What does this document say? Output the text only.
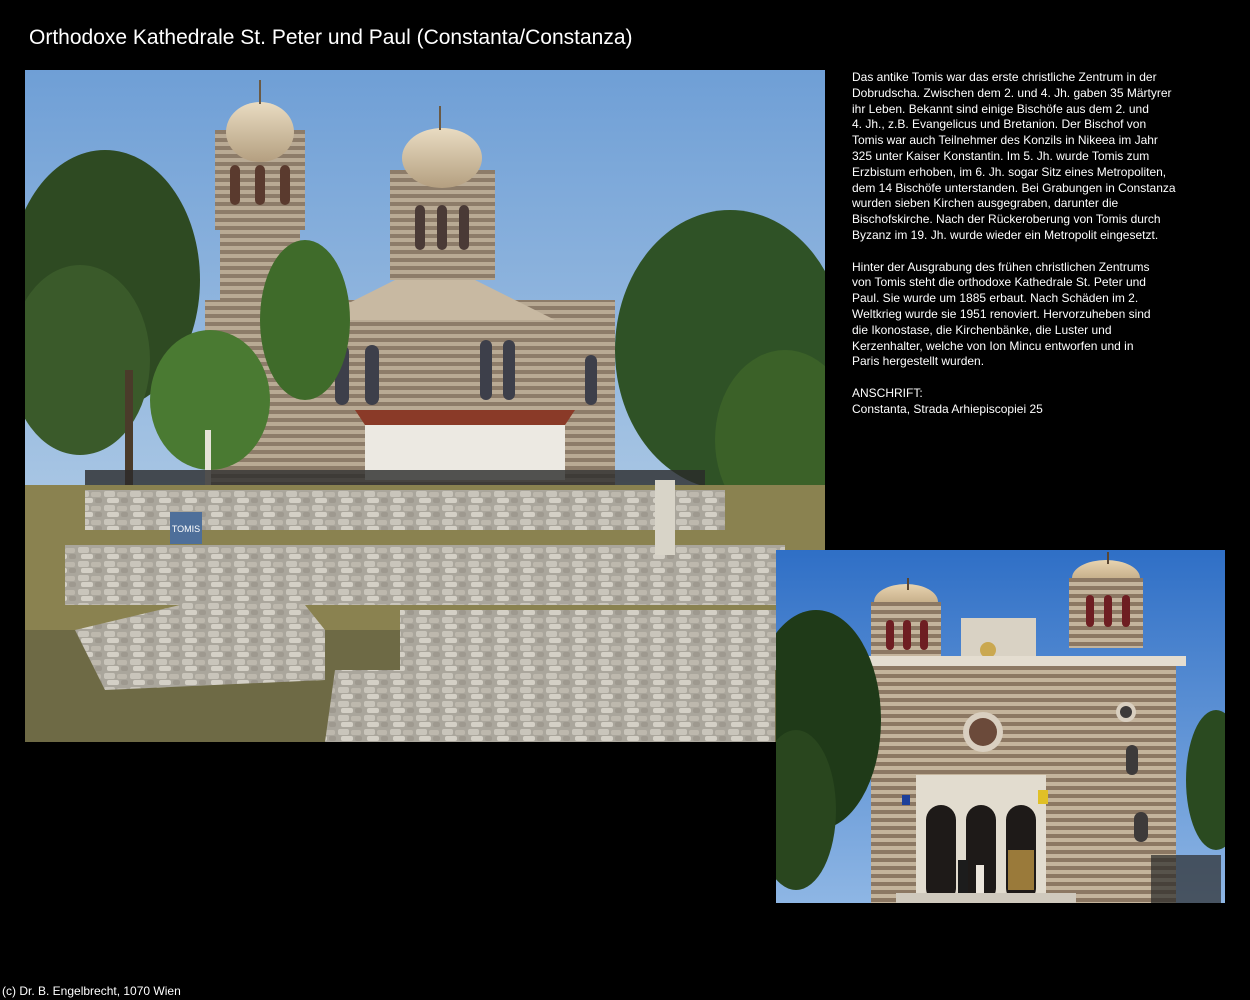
Orthodoxe Kathedrale St. Peter und Paul (Constanta/Constanza)
TOMIS

Das antike Tomis war das erste christliche Zentrum in der
Dobrudscha. Zwischen dem 2. und 4. Jh. gaben 35 Märtyrer
ihr Leben. Bekannt sind einige Bischöfe aus dem 2. und
4. Jh., z.B. Evangelicus und Bretanion. Der Bischof von
Tomis war auch Teilnehmer des Konzils in Nikeea im Jahr
325 unter Kaiser Konstantin. Im 5. Jh. wurde Tomis zum
Erzbistum erhoben, im 6. Jh. sogar Sitz eines Metropoliten,
dem 14 Bischöfe unterstanden. Bei Grabungen in Constanza
wurden sieben Kirchen ausgegraben, darunter die
Bischofskirche. Nach der Rückeroberung von Tomis durch
Byzanz im 19. Jh. wurde wieder ein Metropolit eingesetzt.

Hinter der Ausgrabung des frühen christlichen Zentrums
von Tomis steht die orthodoxe Kathedrale St. Peter und
Paul. Sie wurde um 1885 erbaut. Nach Schäden im 2.
Weltkrieg wurde sie 1951 renoviert. Hervorzuheben sind
die Ikonostase, die Kirchenbänke, die Luster und
Kerzenhalter, welche von Ion Mincu entworfen und in
Paris hergestellt wurden.

ANSCHRIFT:
Constanta, Strada Arhiepiscopiei 25
(c) Dr. B. Engelbrecht, 1070 Wien
